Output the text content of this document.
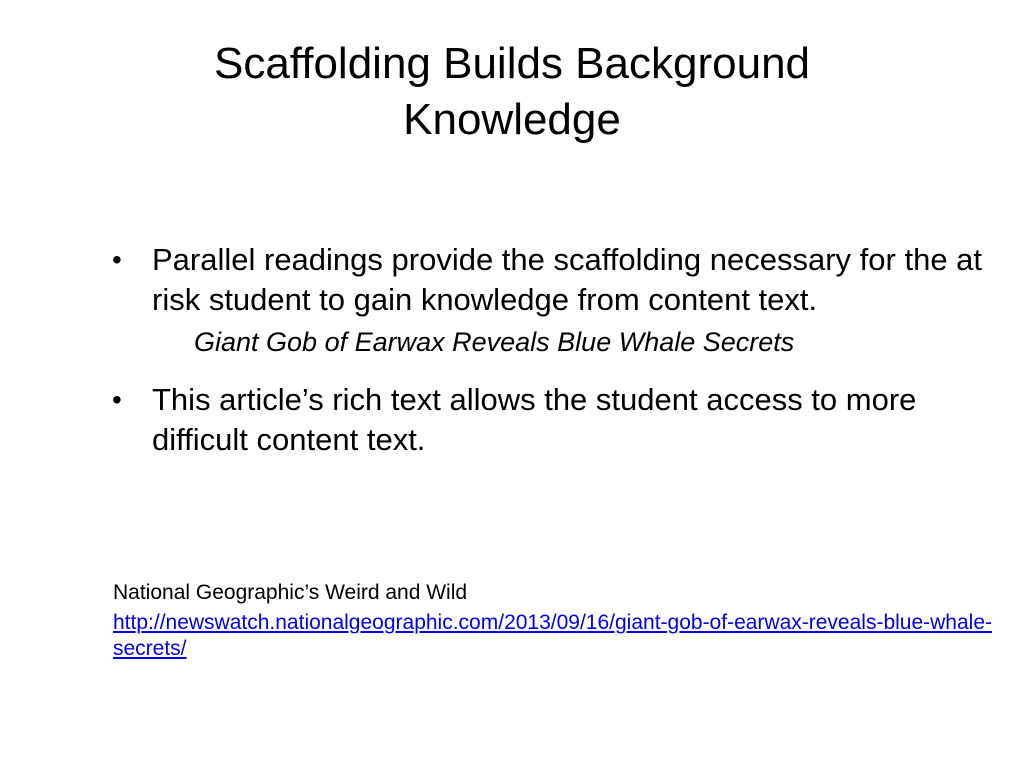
Scaffolding Builds Background
Knowledge
• Parallel readings provide the scaffolding necessary for the at risk student to gain knowledge from content text.
Giant Gob of Earwax Reveals Blue Whale Secrets
• This article’s rich text allows the student access to more difficult content text.
National Geographic’s Weird and Wild
http://newswatch.nationalgeographic.com/2013/09/16/giant-gob-of-earwax-reveals-blue-whale-secrets/
